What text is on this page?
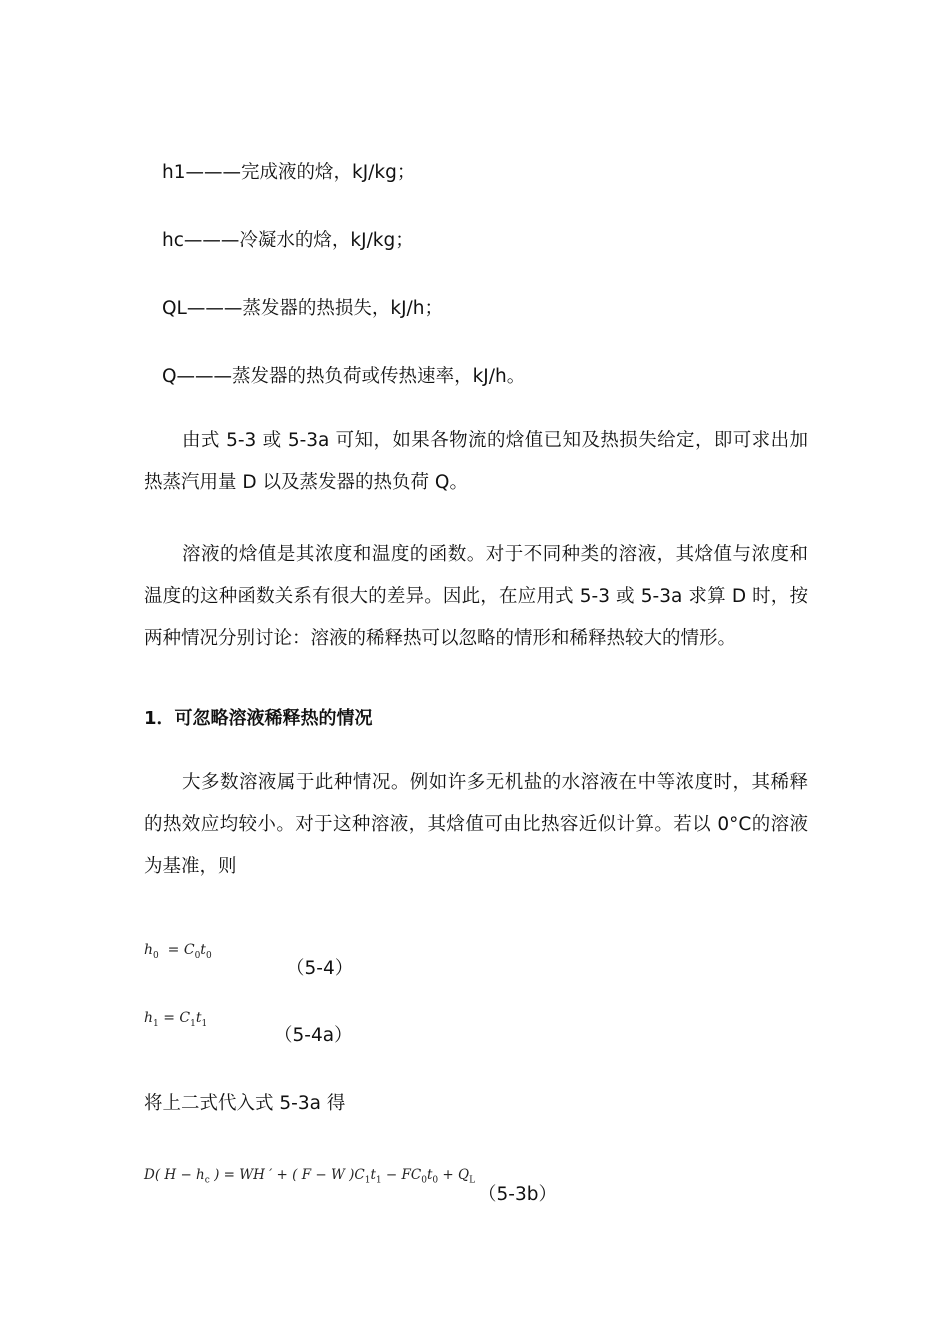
h1———完成液的焓，kJ/kg；
hc———冷凝水的焓，kJ/kg；
QL———蒸发器的热损失，kJ/h；
Q———蒸发器的热负荷或传热速率，kJ/h。
由式 5-3 或 5-3a 可知，如果各物流的焓值已知及热损失给定，即可求出加热蒸汽用量 D 以及蒸发器的热负荷 Q。
溶液的焓值是其浓度和温度的函数。对于不同种类的溶液，其焓值与浓度和温度的这种函数关系有很大的差异。因此，在应用式 5-3 或 5-3a 求算 D 时，按两种情况分别讨论：溶液的稀释热可以忽略的情形和稀释热较大的情形。
1．可忽略溶液稀释热的情况
大多数溶液属于此种情况。例如许多无机盐的水溶液在中等浓度时，其稀释的热效应均较小。对于这种溶液，其焓值可由比热容近似计算。若以 0°C的溶液为基准，则
$h_0 = C_0t_0$
（5-4）
$h_1 = C_1t_1$
（5-4a）
将上二式代入式 5-3a 得
D( $H - h_c$ ) = WH ′ + ( F − W )$C_1t_1 - FC_0t_0 + Q_L$
（5-3b）
